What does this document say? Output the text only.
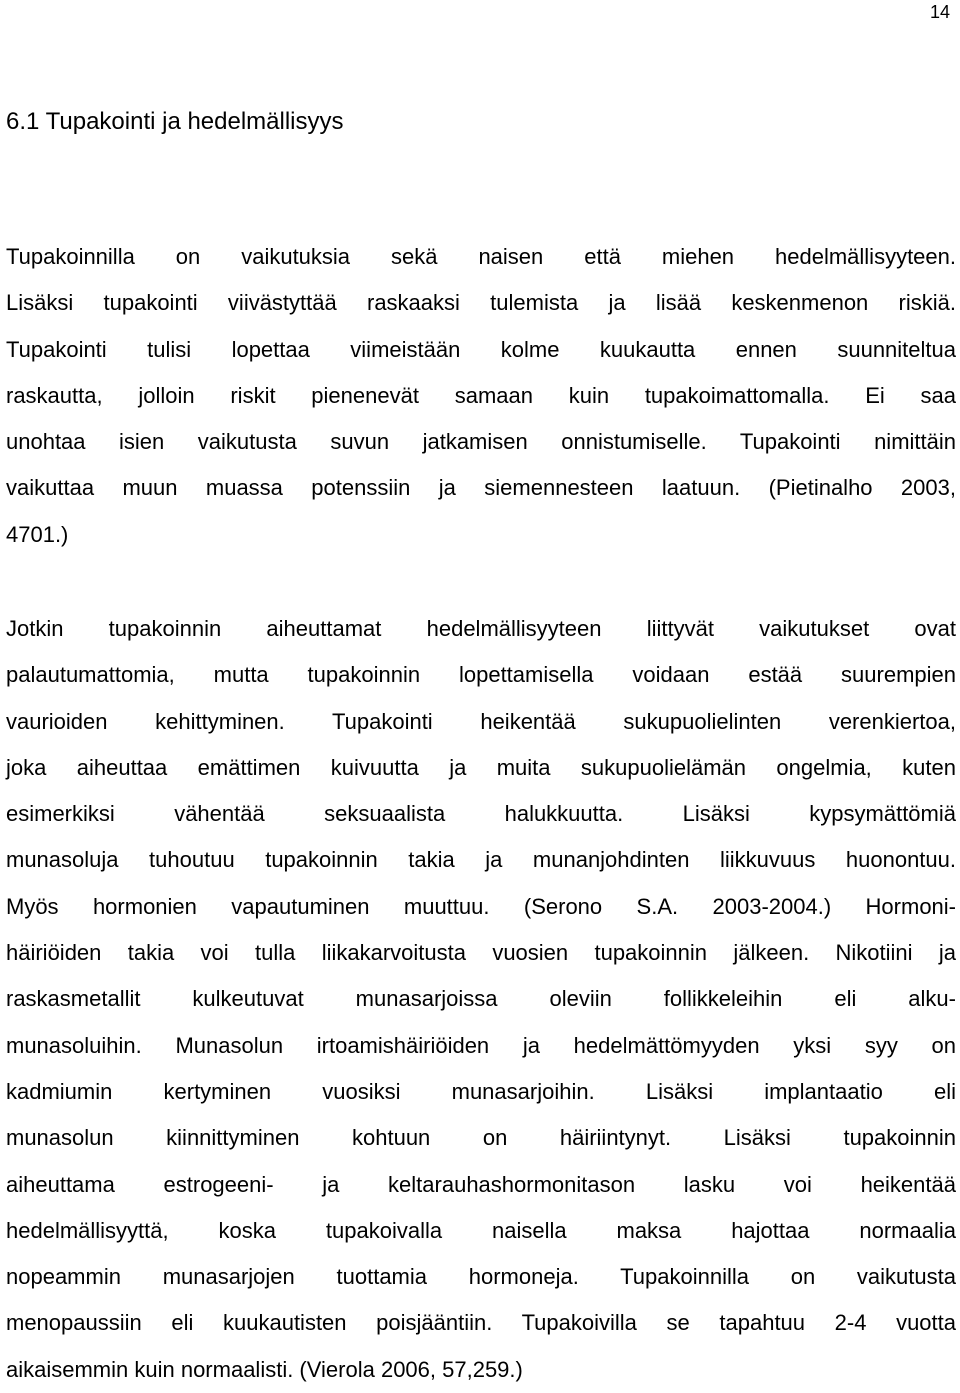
14
6.1 Tupakointi ja hedelmällisyys
Tupakoinnilla on vaikutuksia sekä naisen että miehen hedelmällisyyteen.
Lisäksi tupakointi viivästyttää raskaaksi tulemista ja lisää keskenmenon riskiä.
Tupakointi tulisi lopettaa viimeistään kolme kuukautta ennen suunniteltua
raskautta, jolloin riskit pienenevät samaan kuin tupakoimattomalla. Ei saa
unohtaa isien vaikutusta suvun jatkamisen onnistumiselle. Tupakointi nimittäin
vaikuttaa muun muassa potenssiin ja siemennesteen laatuun. (Pietinalho 2003,
4701.)
Jotkin tupakoinnin aiheuttamat hedelmällisyyteen liittyvät vaikutukset ovat
palautumattomia, mutta tupakoinnin lopettamisella voidaan estää suurempien
vaurioiden kehittyminen. Tupakointi heikentää sukupuolielinten verenkiertoa,
joka aiheuttaa emättimen kuivuutta ja muita sukupuolielämän ongelmia, kuten
esimerkiksi vähentää seksuaalista halukkuutta. Lisäksi kypsymättömiä
munasoluja tuhoutuu tupakoinnin takia ja munanjohdinten liikkuvuus huonontuu.
Myös hormonien vapautuminen muuttuu. (Serono S.A. 2003-2004.) Hormoni-
häiriöiden takia voi tulla liikakarvoitusta vuosien tupakoinnin jälkeen. Nikotiini ja
raskasmetallit kulkeutuvat munasarjoissa oleviin follikkeleihin eli alku-
munasoluihin. Munasolun irtoamishäiriöiden ja hedelmättömyyden yksi syy on
kadmiumin kertyminen vuosiksi munasarjoihin. Lisäksi implantaatio eli
munasolun kiinnittyminen kohtuun on häiriintynyt. Lisäksi tupakoinnin
aiheuttama estrogeeni- ja keltarauhashormonitason lasku voi heikentää
hedelmällisyyttä, koska tupakoivalla naisella maksa hajottaa normaalia
nopeammin munasarjojen tuottamia hormoneja. Tupakoinnilla on vaikutusta
menopaussiin eli kuukautisten poisjääntiin. Tupakoivilla se tapahtuu 2-4 vuotta
aikaisemmin kuin normaalisti. (Vierola 2006, 57,259.)
